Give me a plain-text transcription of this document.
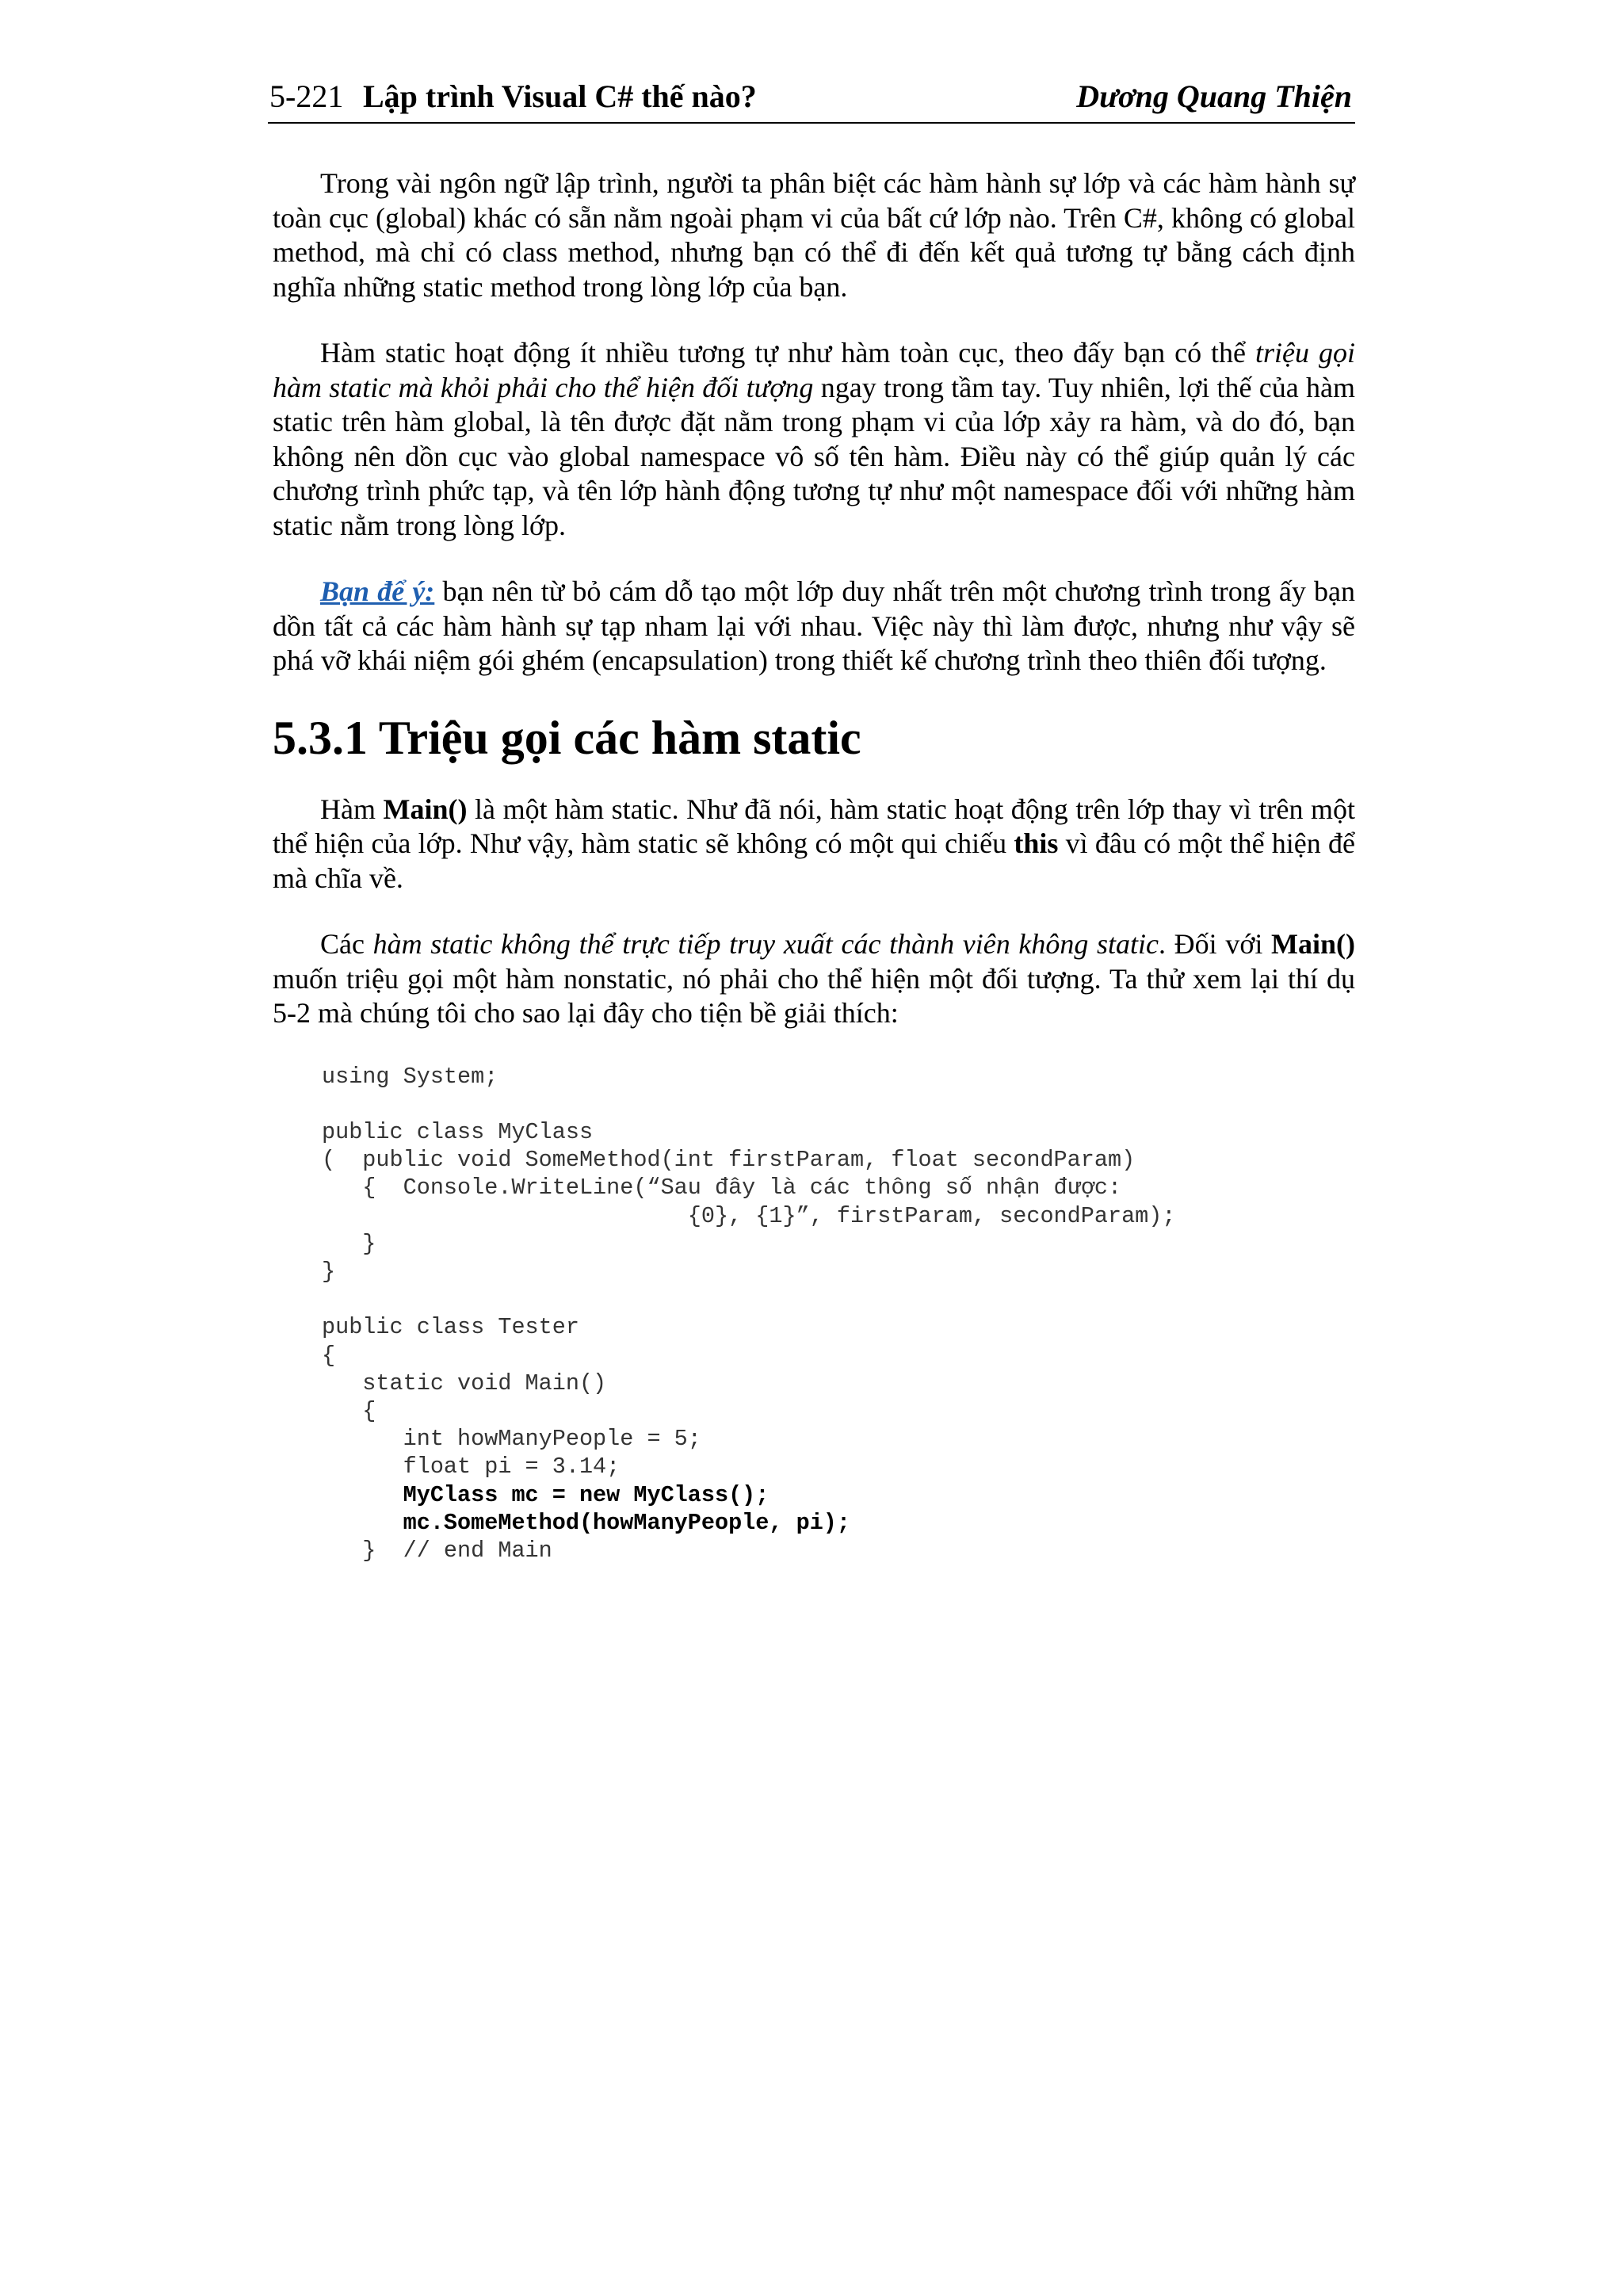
5-221 Lập trình Visual C# thế nào?	Dương Quang Thiện

Trong vài ngôn ngữ lập trình, người ta phân biệt các hàm hành sự lớp và các hàm hành sự toàn cục (global) khác có sẵn nằm ngoài phạm vi của bất cứ lớp nào. Trên C#, không có global method, mà chỉ có class method, nhưng bạn có thể đi đến kết quả tương tự bằng cách định nghĩa những static method trong lòng lớp của bạn.

Hàm static hoạt động ít nhiều tương tự như hàm toàn cục, theo đấy bạn có thể triệu gọi hàm static mà khỏi phải cho thể hiện đối tượng ngay trong tầm tay. Tuy nhiên, lợi thế của hàm static trên hàm global, là tên được đặt nằm trong phạm vi của lớp xảy ra hàm, và do đó, bạn không nên dồn cục vào global namespace vô số tên hàm. Điều này có thể giúp quản lý các chương trình phức tạp, và tên lớp hành động tương tự như một namespace đối với những hàm static nằm trong lòng lớp.

Bạn để ý: bạn nên từ bỏ cám dỗ tạo một lớp duy nhất trên một chương trình trong ấy bạn dồn tất cả các hàm hành sự tạp nham lại với nhau. Việc này thì làm được, nhưng như vậy sẽ phá vỡ khái niệm gói ghém (encapsulation) trong thiết kế chương trình theo thiên đối tượng.

5.3.1 Triệu gọi các hàm static

Hàm Main() là một hàm static. Như đã nói, hàm static hoạt động trên lớp thay vì trên một thể hiện của lớp. Như vậy, hàm static sẽ không có một qui chiếu this vì đâu có một thể hiện để mà chĩa về.

Các hàm static không thể trực tiếp truy xuất các thành viên không static. Đối với Main() muốn triệu gọi một hàm nonstatic, nó phải cho thể hiện một đối tượng. Ta thử xem lại thí dụ 5-2 mà chúng tôi cho sao lại đây cho tiện bề giải thích:

using System;
public class MyClass
(  public void SomeMethod(int firstParam, float secondParam)
{  Console.WriteLine(“Sau đây là các thông số nhận được:
{0}, {1}”, firstParam, secondParam);
}
}
public class Tester
{
static void Main()
{
int howManyPeople = 5;
float pi = 3.14;
MyClass mc = new MyClass();
mc.SomeMethod(howManyPeople, pi);
}  // end Main
